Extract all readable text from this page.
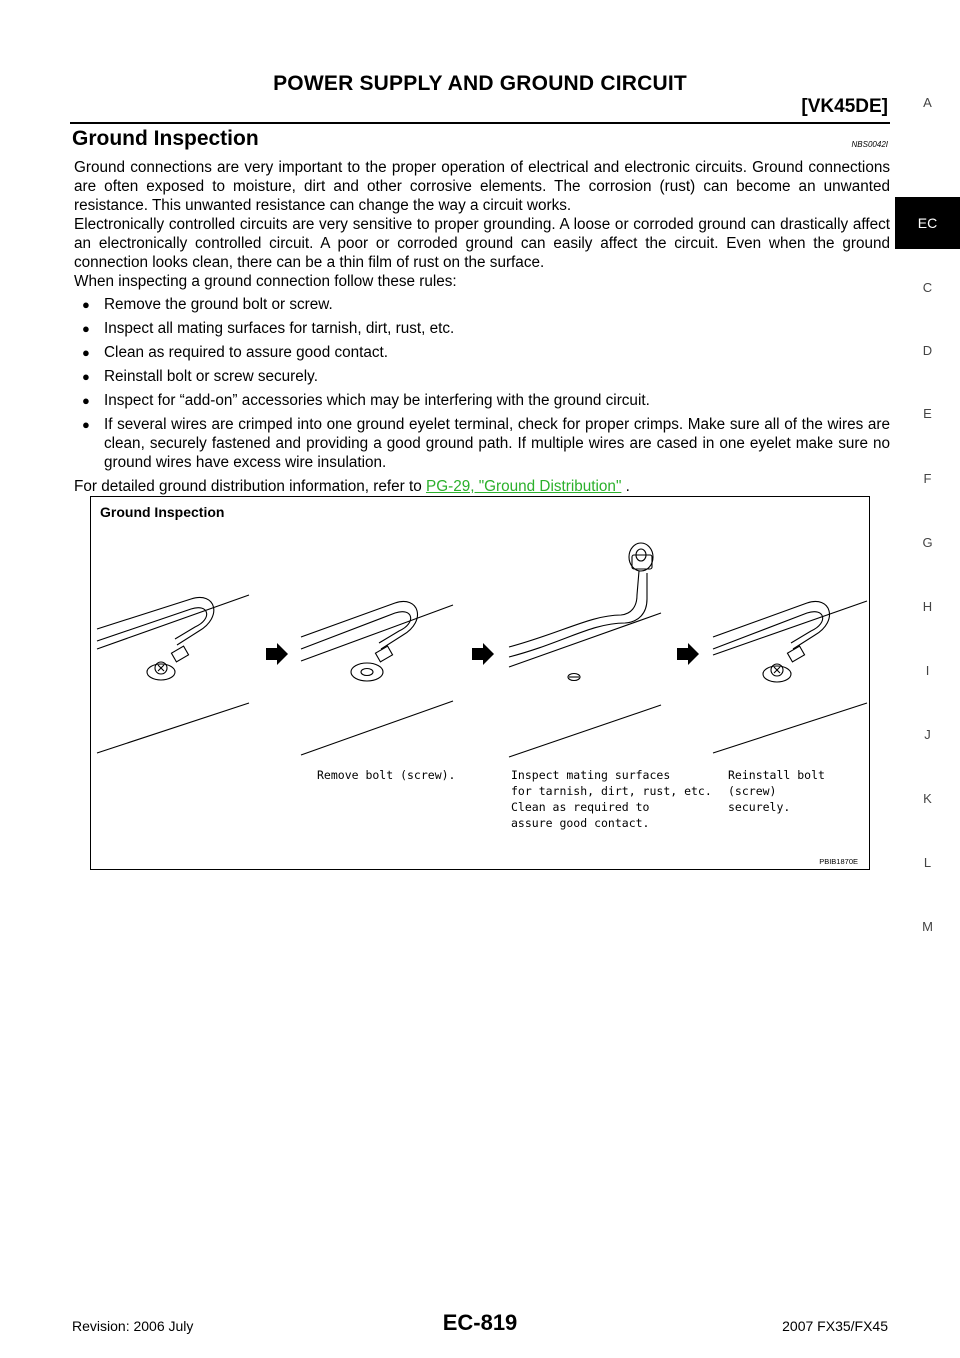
POWER SUPPLY AND GROUND CIRCUIT
[VK45DE]
Ground Inspection	NBS0042I

Ground connections are very important to the proper operation of electrical and electronic circuits. Ground connections are often exposed to moisture, dirt and other corrosive elements. The corrosion (rust) can become an unwanted resistance. This unwanted resistance can change the way a circuit works.

Electronically controlled circuits are very sensitive to proper grounding. A loose or corroded ground can drastically affect an electronically controlled circuit. A poor or corroded ground can easily affect the circuit. Even when the ground connection looks clean, there can be a thin film of rust on the surface.

When inspecting a ground connection follow these rules:

● Remove the ground bolt or screw.
● Inspect all mating surfaces for tarnish, dirt, rust, etc.
● Clean as required to assure good contact.
● Reinstall bolt or screw securely.
● Inspect for “add-on” accessories which may be interfering with the ground circuit.
● If several wires are crimped into one ground eyelet terminal, check for proper crimps. Make sure all of the wires are clean, securely fastened and providing a good ground path. If multiple wires are cased in one eyelet make sure no ground wires have excess wire insulation.

For detailed ground distribution information, refer to PG-29, "Ground Distribution" .

A
EC
C
D
E
F
G
H
I
J
K
L
M
Ground Inspection
Remove bolt (screw).	Inspect mating surfaces
for tarnish, dirt, rust, etc.
Clean as required to
assure good contact.
Reinstall bolt (screw)
securely.
PBIB1870E
Revision: 2006 July	EC-819	2007 FX35/FX45
